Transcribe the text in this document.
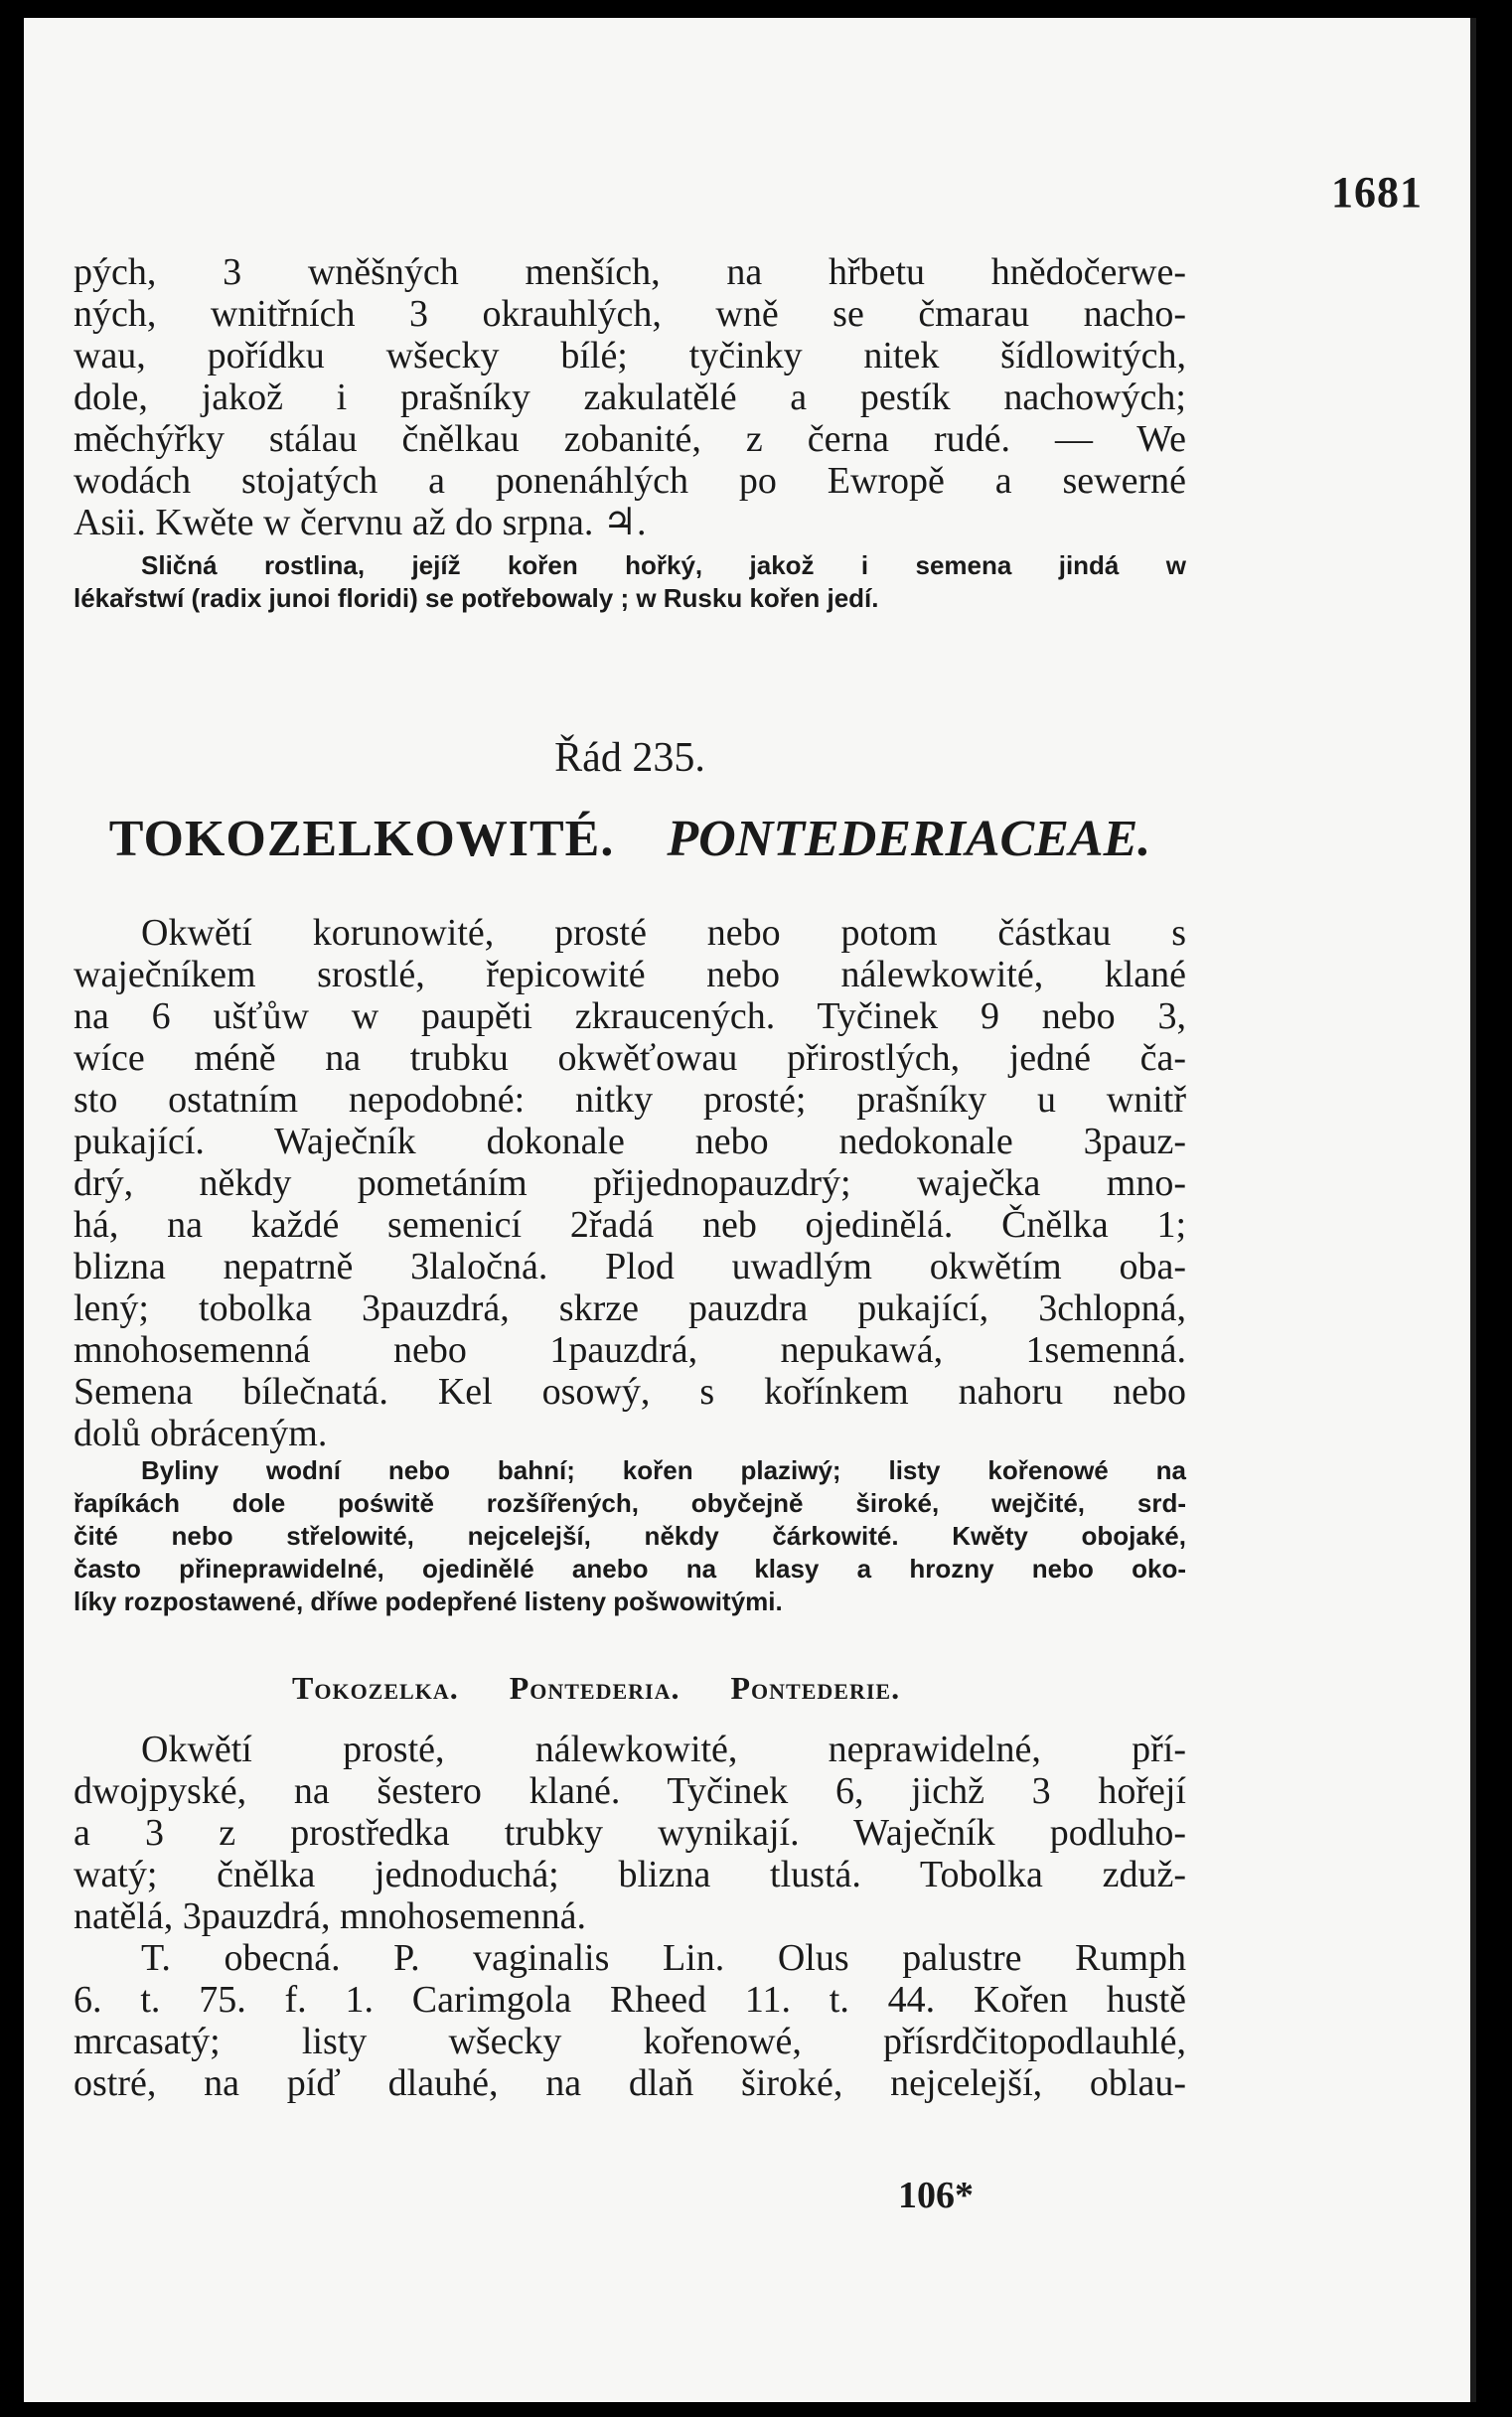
1681
pých, 3 wněšných menších, na hřbetu hnědočerwe-
ných, wnitřních 3 okrauhlých, wně se čmarau nacho-
wau, pořídku wšecky bílé; tyčinky nitek šídlowitých,
dole, jakož i prašníky zakulatělé a pestík nachowých;
měchýřky stálau čnělkau zobanité, z černa rudé. — We
wodách stojatých a ponenáhlých po Ewropě a sewerné
Asii. Kwěte w červnu až do srpna. ♃.
Sličná rostlina, jejíž kořen hořký, jakož i semena jindá w
lékařstwí (radix junoi floridi) se potřebowaly ; w Rusku kořen jedí.
Řád 235.
TOKOZELKOWITÉ. PONTEDERIACEAE.
Okwětí korunowité, prosté nebo potom částkau s
waječníkem srostlé, řepicowité nebo nálewkowité, klané
na 6 ušťůw w paupěti zkraucených. Tyčinek 9 nebo 3,
wíce méně na trubku okwěťowau přirostlých, jedné ča-
sto ostatním nepodobné: nitky prosté; prašníky u wnitř
pukající. Waječník dokonale nebo nedokonale 3pauz-
drý, někdy pometáním přijednopauzdrý; waječka mno-
há, na každé semenicí 2řadá neb ojedinělá. Čnělka 1;
blizna nepatrně 3laločná. Plod uwadlým okwětím oba-
lený; tobolka 3pauzdrá, skrze pauzdra pukající, 3chlopná,
mnohosemenná nebo 1pauzdrá, nepukawá, 1semenná.
Semena bílečnatá. Kel osowý, s kořínkem nahoru nebo
dolů obráceným.
Byliny wodní nebo bahní; kořen plaziwý; listy kořenowé na
řapíkách dole poświtě rozšířených, obyčejně široké, wejčité, srd-
čité nebo střelowité, nejcelejší, někdy čárkowité. Kwěty obojaké,
často přineprawidelné, ojedinělé anebo na klasy a hrozny nebo oko-
líky rozpostawené, dříwe podepřené listeny pošwowitými.
Tokozelka. Pontederia. Pontederie.
Okwětí prosté, nálewkowité, neprawidelné, pří-
dwojpyské, na šestero klané. Tyčinek 6, jichž 3 hořejí
a 3 z prostředka trubky wynikají. Waječník podluho-
watý; čnělka jednoduchá; blizna tlustá. Tobolka zduž-
natělá, 3pauzdrá, mnohosemenná.
T. obecná. P. vaginalis Lin. Olus palustre Rumph
6. t. 75. f. 1. Carimgola Rheed 11. t. 44. Kořen hustě
mrcasatý; listy wšecky kořenowé, přísrdčitopodlauhlé,
ostré, na píď dlauhé, na dlaň široké, nejcelejší, oblau-
106*
